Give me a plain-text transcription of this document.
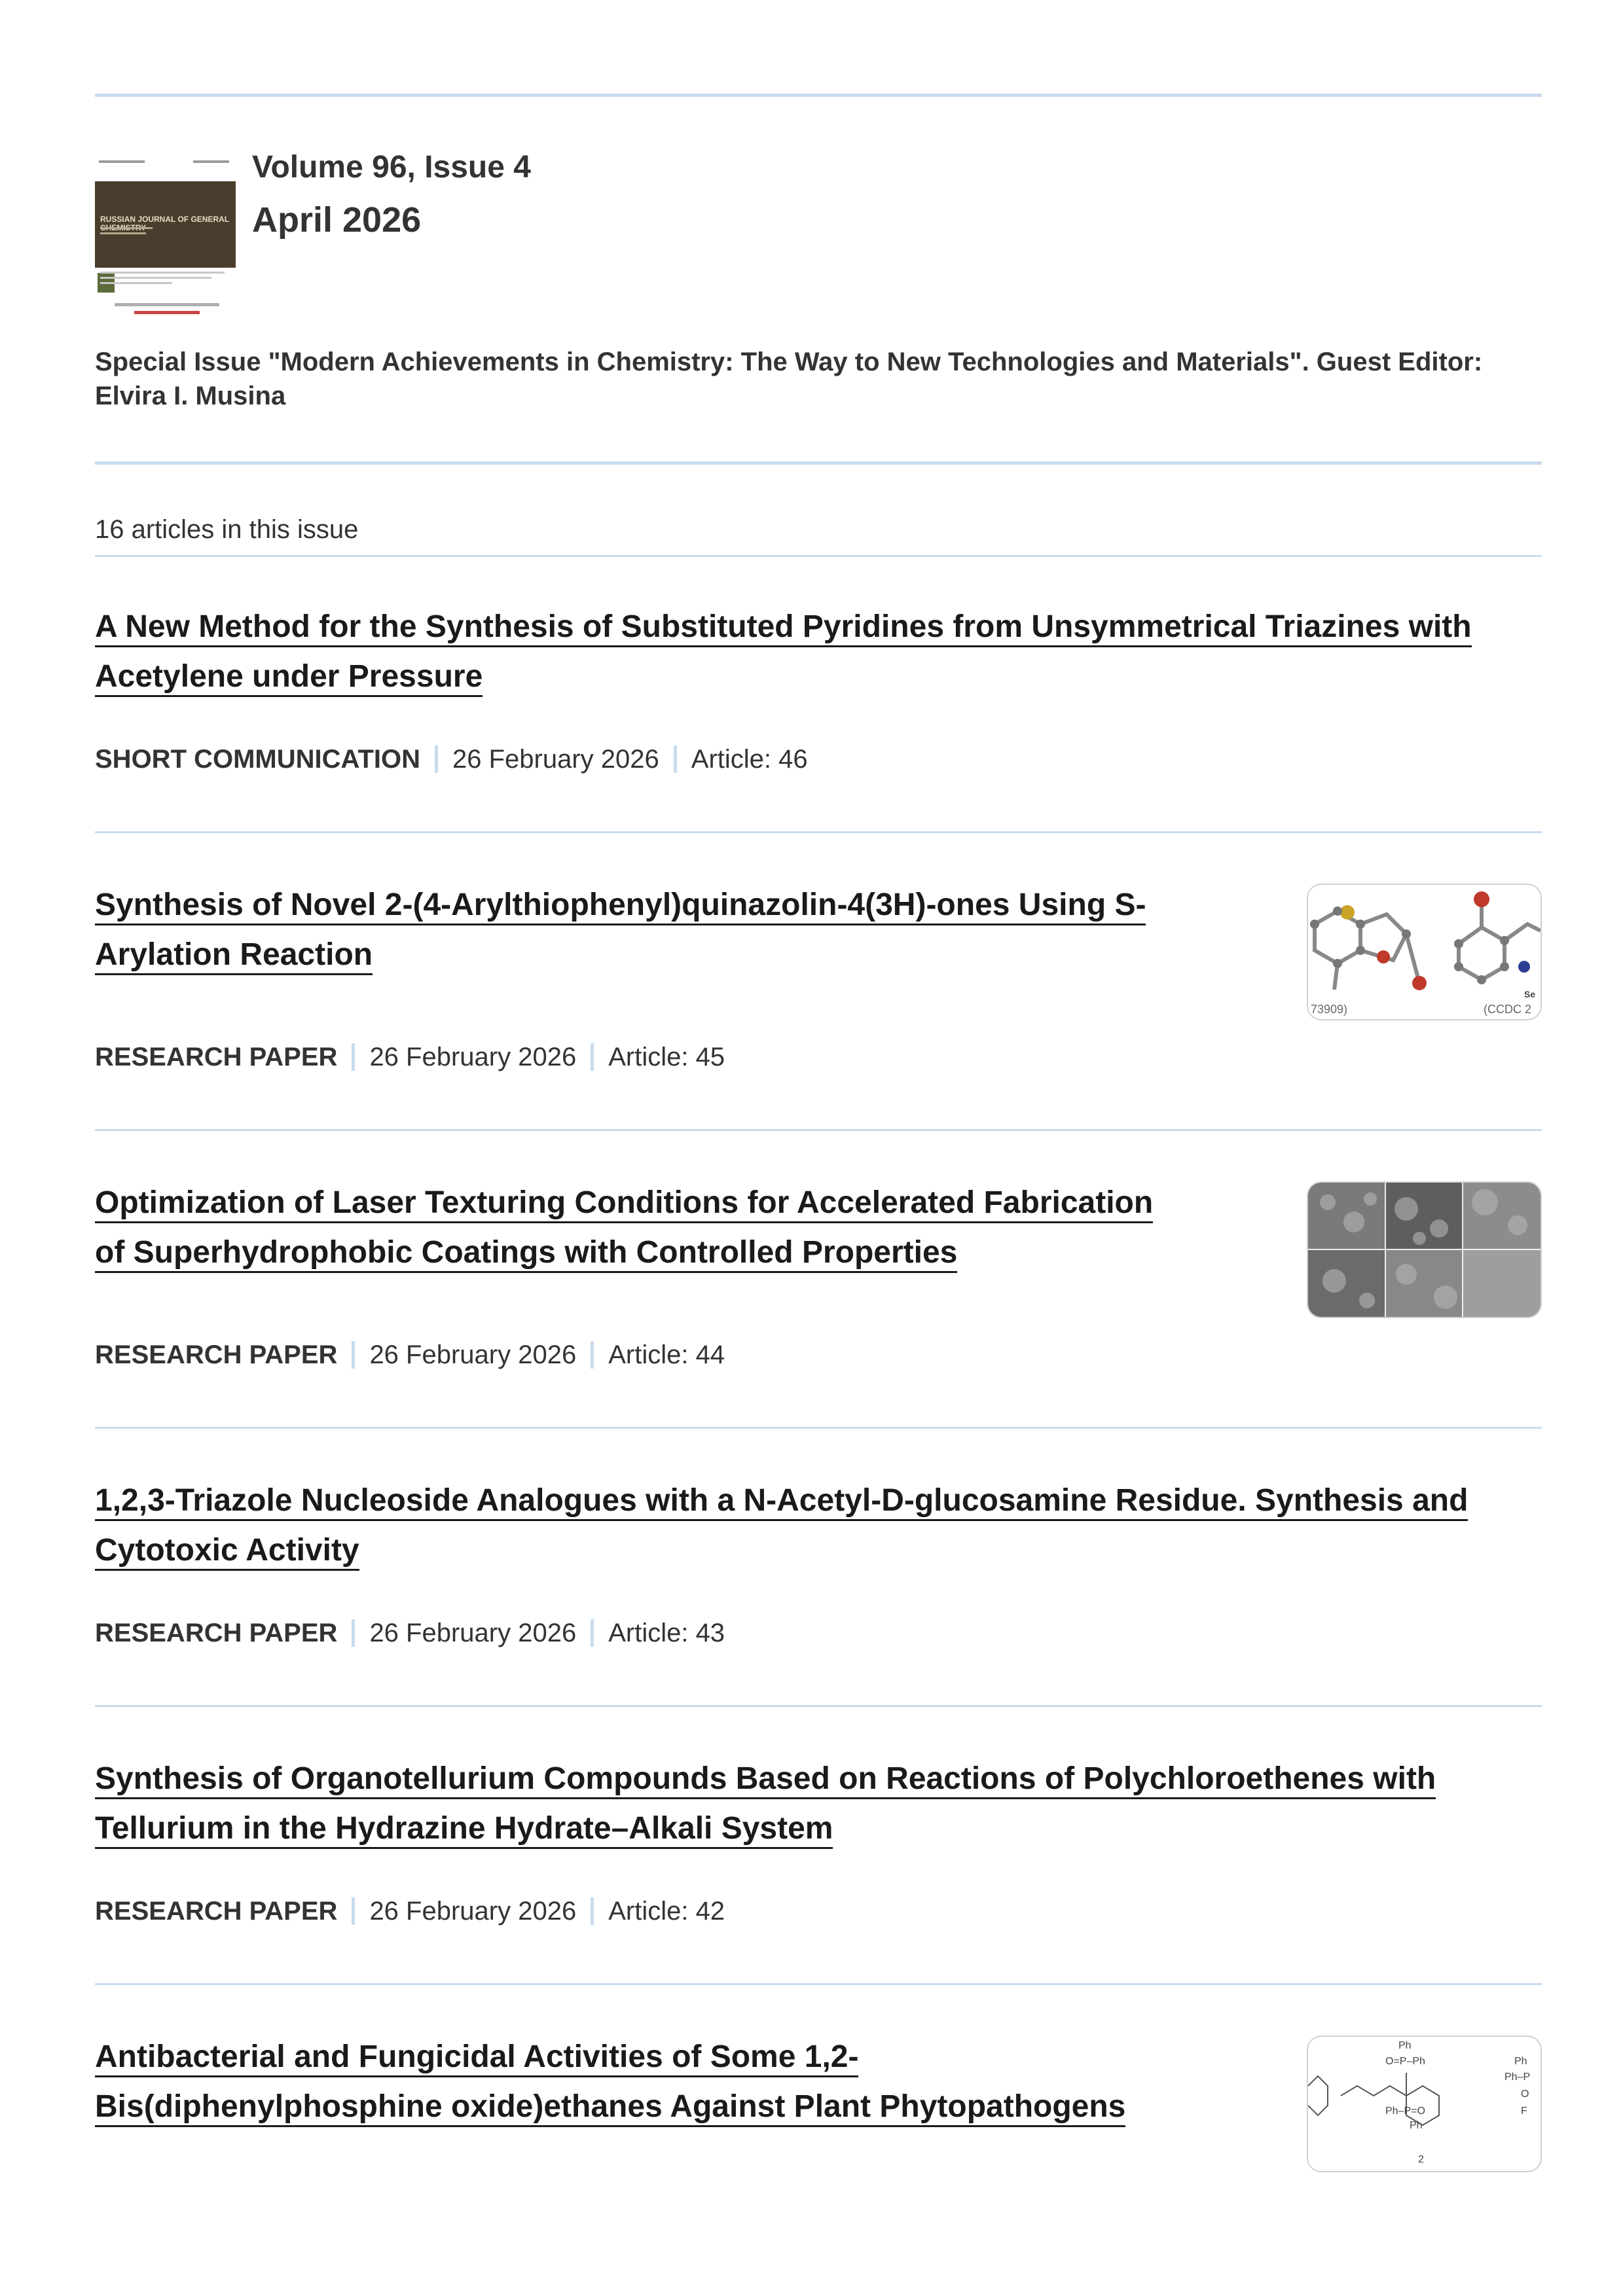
RUSSIAN JOURNAL OF GENERAL
Volume 96, Issue 4
April 2026
Special Issue "Modern Achievements in Chemistry: The Way to New Technologies and Materials". Guest Editor: Elvira I. Musina
16 articles in this issue
A New Method for the Synthesis of Substituted Pyridines from Unsymmetrical Triazines with
Acetylene under Pressure
SHORT COMMUNICATION 26 February 2026 Article: 46
Synthesis of Novel 2-(4-Arylthiophenyl)quinazolin-4(3H)-ones Using S-
Arylation Reaction
73909)	(CCDC 2
Se
RESEARCH PAPER 26 February 2026 Article: 45
Optimization of Laser Texturing Conditions for Accelerated Fabrication
of Superhydrophobic Coatings with Controlled Properties
RESEARCH PAPER 26 February 2026 Article: 44
1,2,3-Triazole Nucleoside Analogues with a N-Acetyl-D-glucosamine Residue. Synthesis and
Cytotoxic Activity
RESEARCH PAPER 26 February 2026 Article: 43
Synthesis of Organotellurium Compounds Based on Reactions of Polychloroethenes with
Tellurium in the Hydrazine Hydrate–Alkali System
RESEARCH PAPER 26 February 2026 Article: 42
Antibacterial and Fungicidal Activities of Some 1,2-
Bis(diphenylphosphine oxide)ethanes Against Plant Phytopathogens
Ph
O=P–Ph
Ph–P=O
Ph
2
Ph
Ph–P
O
F
